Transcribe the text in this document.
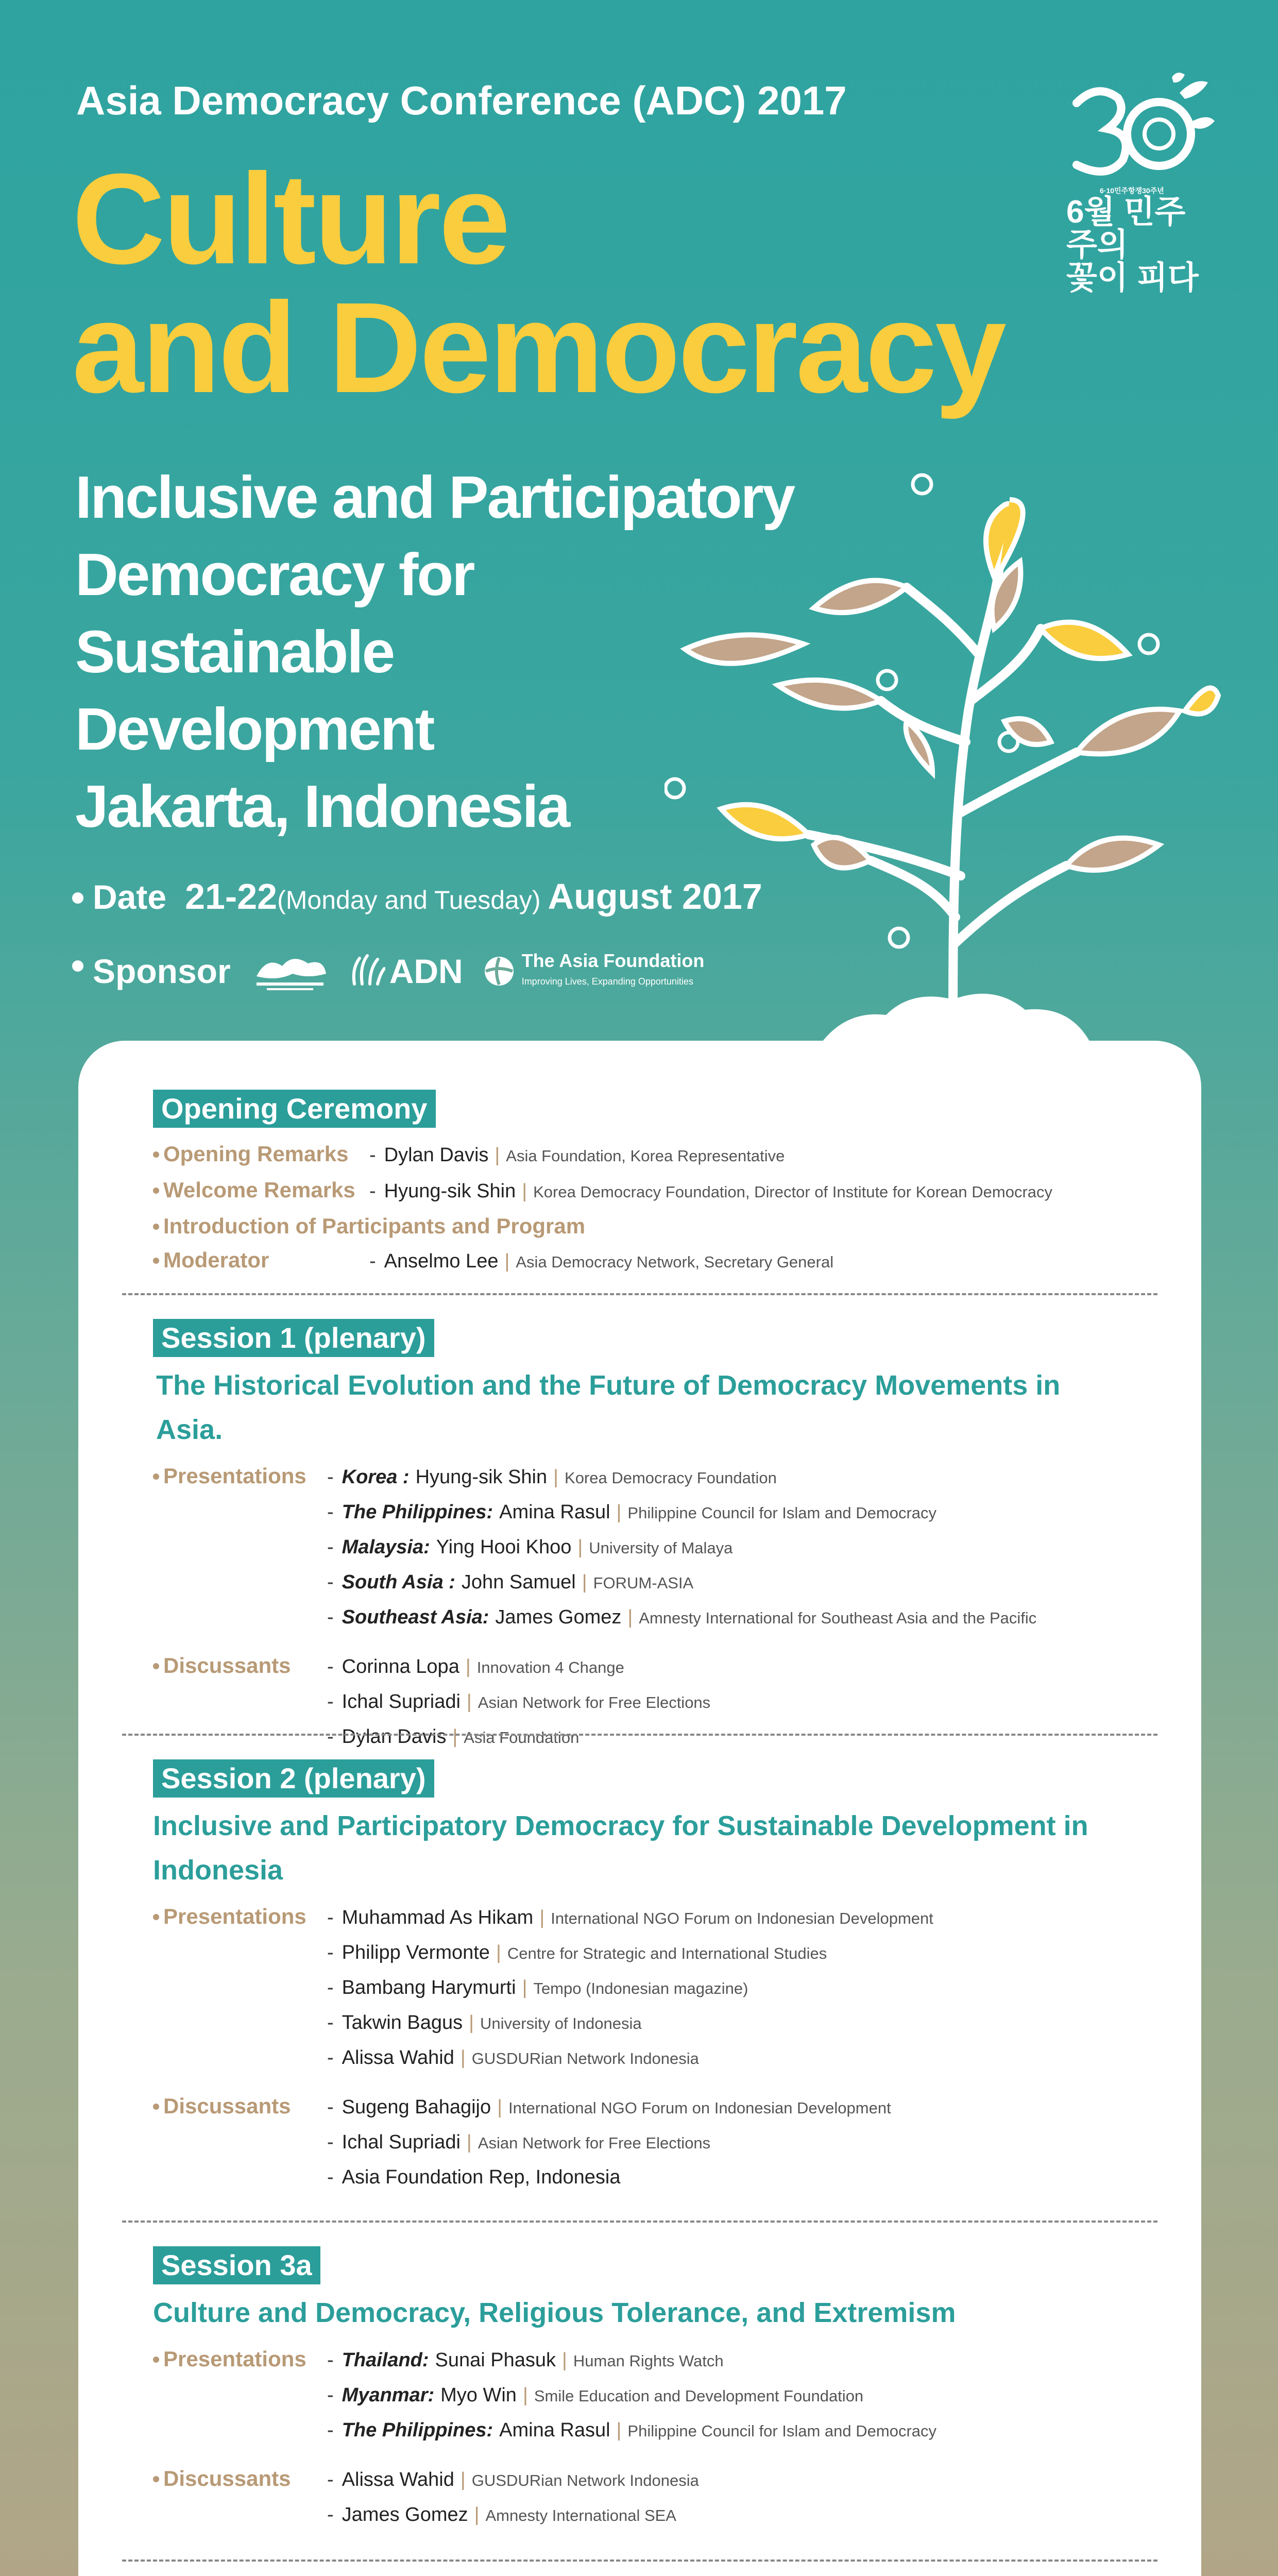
Asia Democracy Conference (ADC) 2017
Culture
and Democracy
Inclusive and Participatory
Democracy for Sustainable
Development
Jakarta, Indonesia
6·10민주항쟁30주년
6월 민주주의
꽃이 피다
Date 21-22 (Monday and Tuesday) August 2017
Sponsor	ADN	The Asia Foundation
Improving Lives, Expanding Opportunities
Opening Ceremony
Opening Remarks	- Dylan Davis | Asia Foundation, Korea Representative
Welcome Remarks - Hyung-sik Shin | Korea Democracy Foundation, Director of Institute for Korean Democracy
Introduction of Participants and Program
Moderator	- Anselmo Lee | Asia Democracy Network, Secretary General
Session 1 (plenary)
The Historical Evolution and the Future of Democracy Movements in Asia.
Presentations	- Korea : Hyung-sik Shin | Korea Democracy Foundation
- The Philippines: Amina Rasul | Philippine Council for Islam and Democracy
- Malaysia: Ying Hooi Khoo | University of Malaya
- South Asia : John Samuel | FORUM-ASIA
- Southeast Asia: James Gomez | Amnesty International for Southeast Asia and the Pacific
Discussants	- Corinna Lopa | Innovation 4 Change
- Ichal Supriadi | Asian Network for Free Elections
- Dylan Davis | Asia Foundation
Session 2 (plenary)
Inclusive and Participatory Democracy for Sustainable Development in
Indonesia
Presentations	- Muhammad As Hikam | International NGO Forum on Indonesian Development
- Philipp Vermonte | Centre for Strategic and International Studies
- Bambang Harymurti | Tempo (Indonesian magazine)
- Takwin Bagus | University of Indonesia
- Alissa Wahid | GUSDURian Network Indonesia
Discussants	- Sugeng Bahagijo | International NGO Forum on Indonesian Development
- Ichal Supriadi | Asian Network for Free Elections
- Asia Foundation Rep, Indonesia
Session 3a
Culture and Democracy, Religious Tolerance, and Extremism
Presentations	- Thailand: Sunai Phasuk | Human Rights Watch
- Myanmar: Myo Win | Smile Education and Development Foundation
- The Philippines: Amina Rasul | Philippine Council for Islam and Democracy
Discussants	- Alissa Wahid | GUSDURian Network Indonesia
- James Gomez | Amnesty International SEA
